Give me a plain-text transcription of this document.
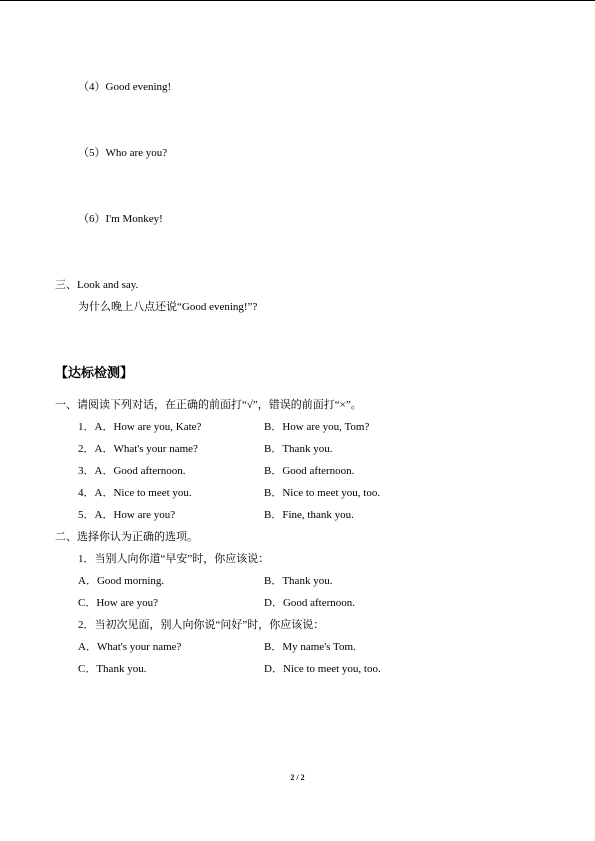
（4）Good evening!
（5）Who are you?
（6）I'm Monkey!
三、Look and say.
为什么晚上八点还说“Good evening!”?
【达标检测】
一、请阅读下列对话，在正确的前面打“√”，错误的前面打“×”。
1．A．How are you, Kate?	B．How are you, Tom?
2．A．What's your name?	B．Thank you.
3．A．Good afternoon.	B．Good afternoon.
4．A．Nice to meet you.	B．Nice to meet you, too.
5．A．How are you?	B．Fine, thank you.
二、选择你认为正确的选项。
1．当别人向你道“早安”时，你应该说：
A．Good morning.	B．Thank you.
C．How are you?	D．Good afternoon.
2．当初次见面，别人向你说“问好”时，你应该说：
A．What's your name?	B．My name's Tom.
C．Thank you.	D．Nice to meet you, too.
2 / 2
